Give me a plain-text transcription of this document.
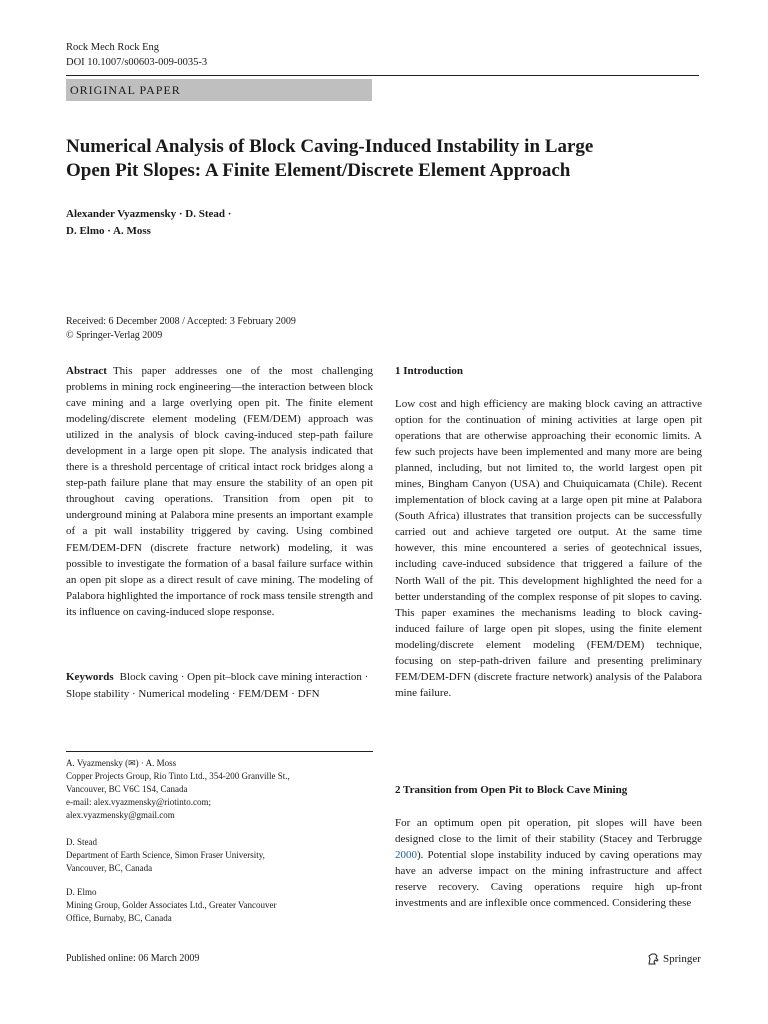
Rock Mech Rock Eng
DOI 10.1007/s00603-009-0035-3
ORIGINAL PAPER
Numerical Analysis of Block Caving-Induced Instability in Large
Open Pit Slopes: A Finite Element/Discrete Element Approach
Alexander Vyazmensky · D. Stead ·
D. Elmo · A. Moss
Received: 6 December 2008 / Accepted: 3 February 2009
© Springer-Verlag 2009

Abstract This paper addresses one of the most challenging problems in mining rock engineering—the interaction between block cave mining and a large overlying open pit. The finite element modeling/discrete element modeling (FEM/DEM) approach was utilized in the analysis of block caving-induced step-path failure development in a large open pit slope. The analysis indicated that there is a threshold percentage of critical intact rock bridges along a step-path failure plane that may ensure the stability of an open pit throughout caving operations. Transition from open pit to underground mining at Palabora mine presents an important example of a pit wall instability triggered by caving. Using combined FEM/DEM-DFN (discrete fracture network) modeling, it was possible to investigate the formation of a basal failure surface within an open pit slope as a direct result of cave mining. The modeling of Palabora highlighted the importance of rock mass tensile strength and its influence on caving-induced slope response.

Keywords Block caving · Open pit–block cave mining interaction · Slope stability · Numerical modeling · FEM/DEM · DFN
A. Vyazmensky (✉) · A. Moss
Copper Projects Group, Rio Tinto Ltd., 354-200 Granville St.,
Vancouver, BC V6C 1S4, Canada
e-mail: alex.vyazmensky@riotinto.com;
alex.vyazmensky@gmail.com
D. Stead
Department of Earth Science, Simon Fraser University,
Vancouver, BC, Canada
D. Elmo
Mining Group, Golder Associates Ltd., Greater Vancouver
Office, Burnaby, BC, Canada
1 Introduction
Low cost and high efficiency are making block caving an attractive option for the continuation of mining activities at large open pit operations that are otherwise approaching their economic limits. A few such projects have been implemented and many more are being planned, including, but not limited to, the world largest open pit mines, Bingham Canyon (USA) and Chuiquicamata (Chile). Recent implementation of block caving at a large open pit mine at Palabora (South Africa) illustrates that transition projects can be successfully carried out and achieve targeted ore output. At the same time however, this mine encountered a series of geotechnical issues, including cave-induced subsidence that triggered a failure of the North Wall of the pit. This development highlighted the need for a better understanding of the complex response of pit slopes to caving. This paper examines the mechanisms leading to block caving-induced failure of large open pit slopes, using the finite element modeling/discrete element modeling (FEM/DEM) technique, focusing on step-path-driven failure and presenting preliminary FEM/DEM-DFN (discrete fracture network) analysis of the Palabora mine failure.
2 Transition from Open Pit to Block Cave Mining
For an optimum open pit operation, pit slopes will have been designed close to the limit of their stability (Stacey and Terbrugge 2000). Potential slope instability induced by caving operations may have an adverse impact on the mining infrastructure and affect reserve recovery. Caving operations require high up-front investments and are inflexible once commenced. Considering these
Published online: 06 March 2009	Springer
